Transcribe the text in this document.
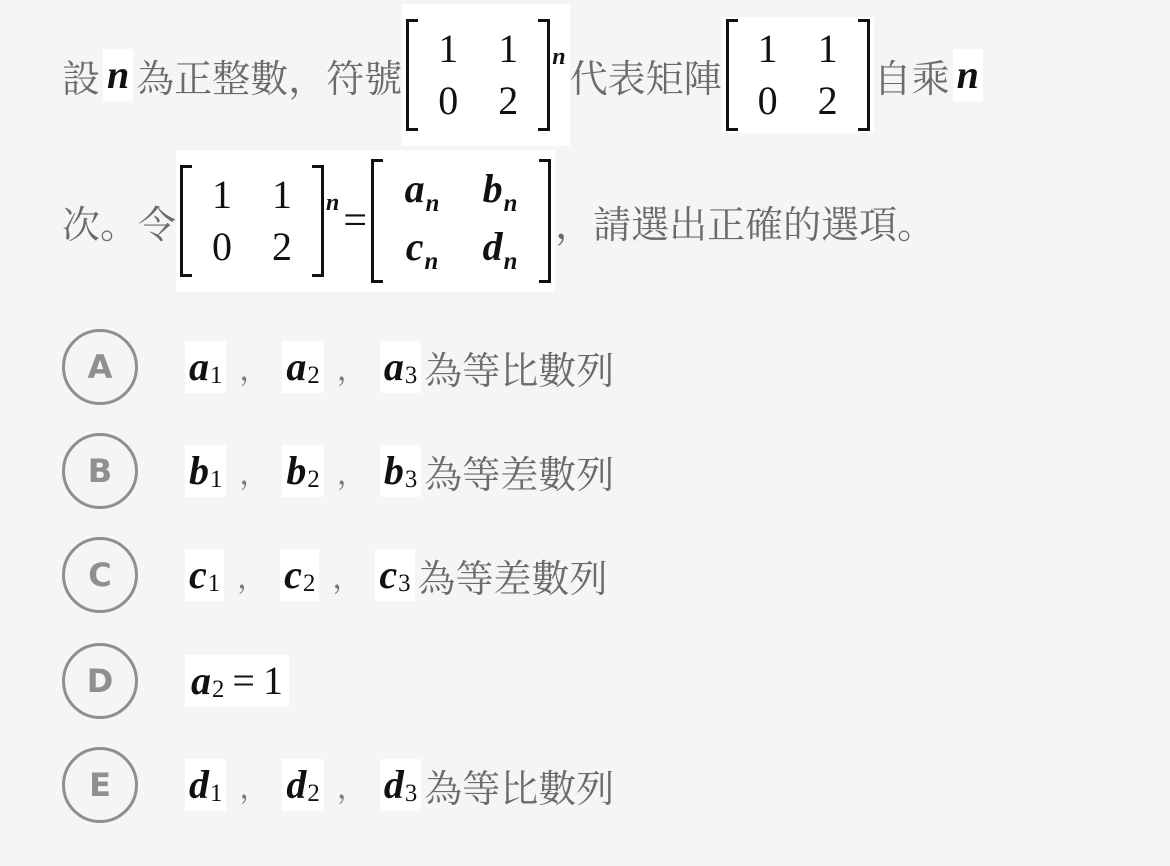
設 n 為正整數，符號
1	1
0	2
n 代表矩陣
1	1
0	2 自乘 n
次。令
1	1
0	2
n =
$a_n$	$b_n$
$c_n$	$d_n$
，請選出正確的選項。
A	a 1 ， a 2 ， a 3 為等比數列
B	b 1 ， b 2 ， b 3 為等差數列
C	c 1 ， c 2 ， c 3 為等差數列
D	a 2 = 1
E	d 1 ， d 2 ， d 3 為等比數列
